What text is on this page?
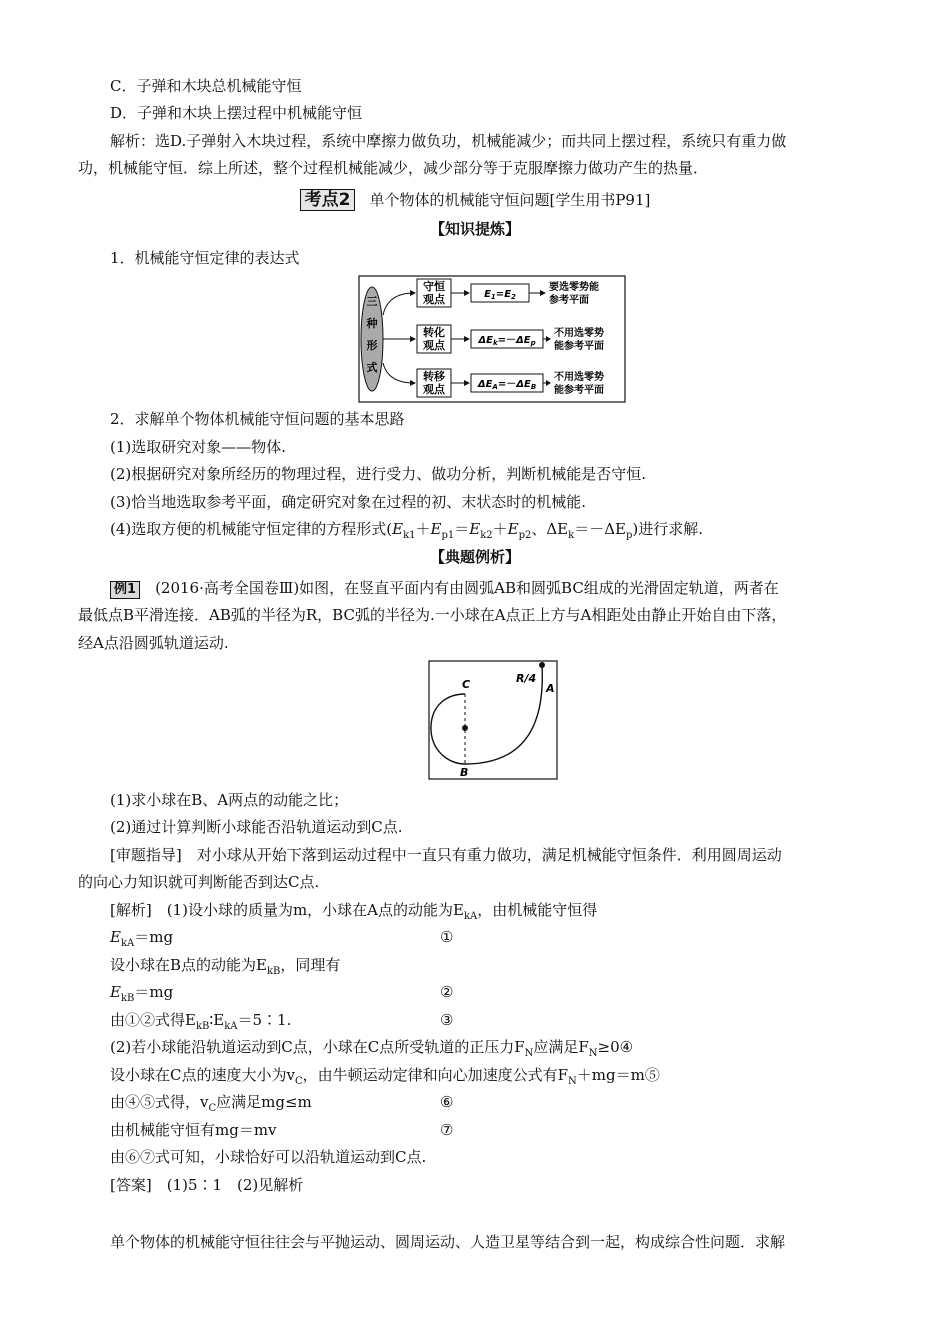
C．子弹和木块总机械能守恒
D．子弹和木块上摆过程中机械能守恒
解析：选D.子弹射入木块过程，系统中摩擦力做负功，机械能减少；而共同上摆过程，系统只有重力做
功，机械能守恒．综上所述，整个过程机械能减少，减少部分等于克服摩擦力做功产生的热量．
考点2 单个物体的机械能守恒问题[学生用书P91]
【知识提炼】
1．机械能守恒定律的表达式
三
种
形
式
守恒
观点	$E_1=E_2$
要选零势能
参考平面
转化
观点	$\Delta E_k=-\Delta E_p$
不用选零势
能参考平面
转移
观点	$\Delta E_A=-\Delta E_B$
不用选零势
能参考平面
2．求解单个物体机械能守恒问题的基本思路
(1)选取研究对象——物体.
(2)根据研究对象所经历的物理过程，进行受力、做功分析，判断机械能是否守恒.
(3)恰当地选取参考平面，确定研究对象在过程的初、末状态时的机械能.
(4)选取方便的机械能守恒定律的方程形式($E_{k1}+E_{p1}=E_{k2}+E_{p2}$、$\Delta E_k=-\Delta E_p$)进行求解.
【典题例析】
例1　 (2016·高考全国卷Ⅲ)如图，在竖直平面内有由圆弧AB和圆弧BC组成的光滑固定轨道，两者在
最低点B平滑连接．AB弧的半径为R，BC弧的半径为.一小球在A点正上方与A相距处由静止开始自由下落，
经A点沿圆弧轨道运动.
C
B
A
R/4
(1)求小球在B、A两点的动能之比；
(2)通过计算判断小球能否沿轨道运动到C点.
[审题指导]　对小球从开始下落到运动过程中一直只有重力做功，满足机械能守恒条件．利用圆周运动
的向心力知识就可判断能否到达C点.
[解析]　(1)设小球的质量为m，小球在A点的动能为$E_{kA}$，由机械能守恒得
$E_{kA}=mg$	①
设小球在B点的动能为$E_{kB}$，同理有
$E_{kB}=mg$	②
由①②式得$E_{kB}∶E_{kA}=5∶1$.	③
(2)若小球能沿轨道运动到C点，小球在C点所受轨道的正压力$F_N$应满足$F_N\ge 0④$
设小球在C点的速度大小为$v_C$，由牛顿运动定律和向心加速度公式有$F_N+mg=m⑤$
由④⑤式得，$v_C$应满足mg≤m	⑥
由机械能守恒有mg＝mv	⑦
由⑥⑦式可知，小球恰好可以沿轨道运动到C点.
[答案]　(1)5∶1　(2)见解析
单个物体的机械能守恒往往会与平抛运动、圆周运动、人造卫星等结合到一起，构成综合性问题．求解
